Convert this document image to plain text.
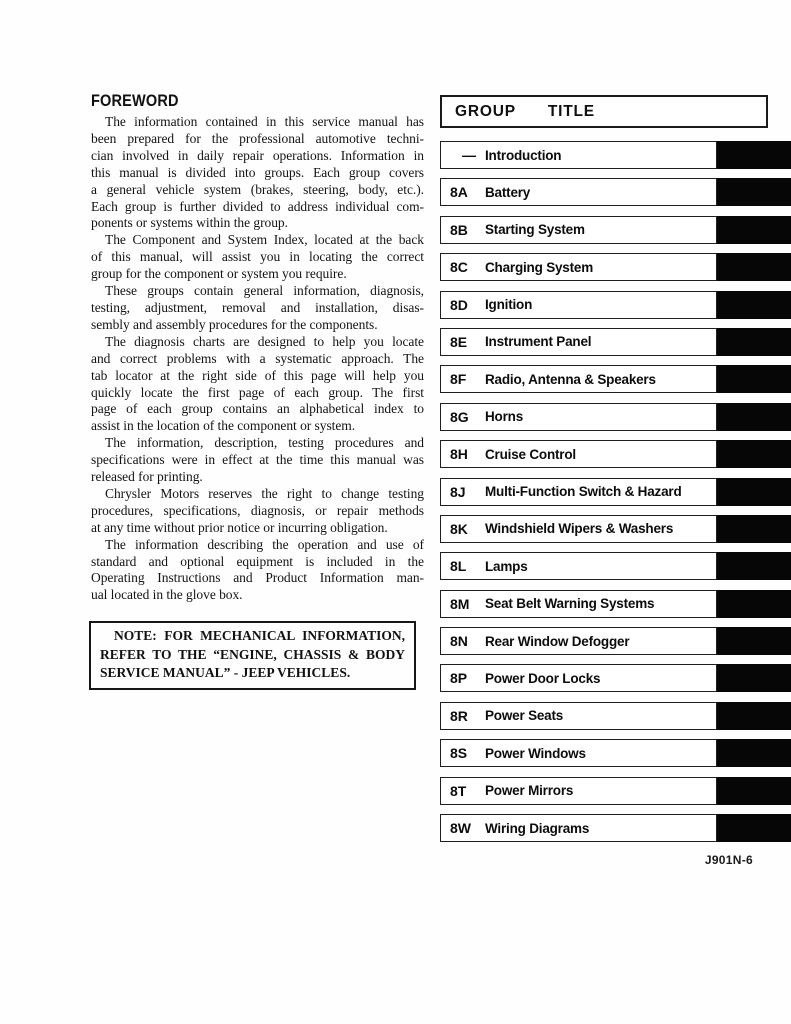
FOREWORD
The information contained in this service manual has
been prepared for the professional automotive techni-
cian involved in daily repair operations. Information in
this manual is divided into groups. Each group covers
a general vehicle system (brakes, steering, body, etc.).
Each group is further divided to address individual com-
ponents or systems within the group.
The Component and System Index, located at the back
of this manual, will assist you in locating the correct
group for the component or system you require.
These groups contain general information, diagnosis,
testing, adjustment, removal and installation, disas-
sembly and assembly procedures for the components.
The diagnosis charts are designed to help you locate
and correct problems with a systematic approach. The
tab locator at the right side of this page will help you
quickly locate the first page of each group. The first
page of each group contains an alphabetical index to
assist in the location of the component or system.
The information, description, testing procedures and
specifications were in effect at the time this manual was
released for printing.
Chrysler Motors reserves the right to change testing
procedures, specifications, diagnosis, or repair methods
at any time without prior notice or incurring obligation.
The information describing the operation and use of
standard and optional equipment is included in the
Operating Instructions and Product Information man-
ual located in the glove box.
NOTE: FOR MECHANICAL INFORMATION,
REFER TO THE “ENGINE, CHASSIS & BODY
SERVICE MANUAL” - JEEP VEHICLES.
GROUP TITLE
— Introduction
8A	Battery
8B	Starting System
8C	Charging System
8D	Ignition
8E	Instrument Panel
8F	Radio, Antenna & Speakers
8G	Horns
8H	Cruise Control
8J	Multi-Function Switch & Hazard
8K	Windshield Wipers & Washers
8L	Lamps
8M	Seat Belt Warning Systems
8N	Rear Window Defogger
8P	Power Door Locks
8R	Power Seats
8S	Power Windows
8T	Power Mirrors
8W	Wiring Diagrams
J901N-6
